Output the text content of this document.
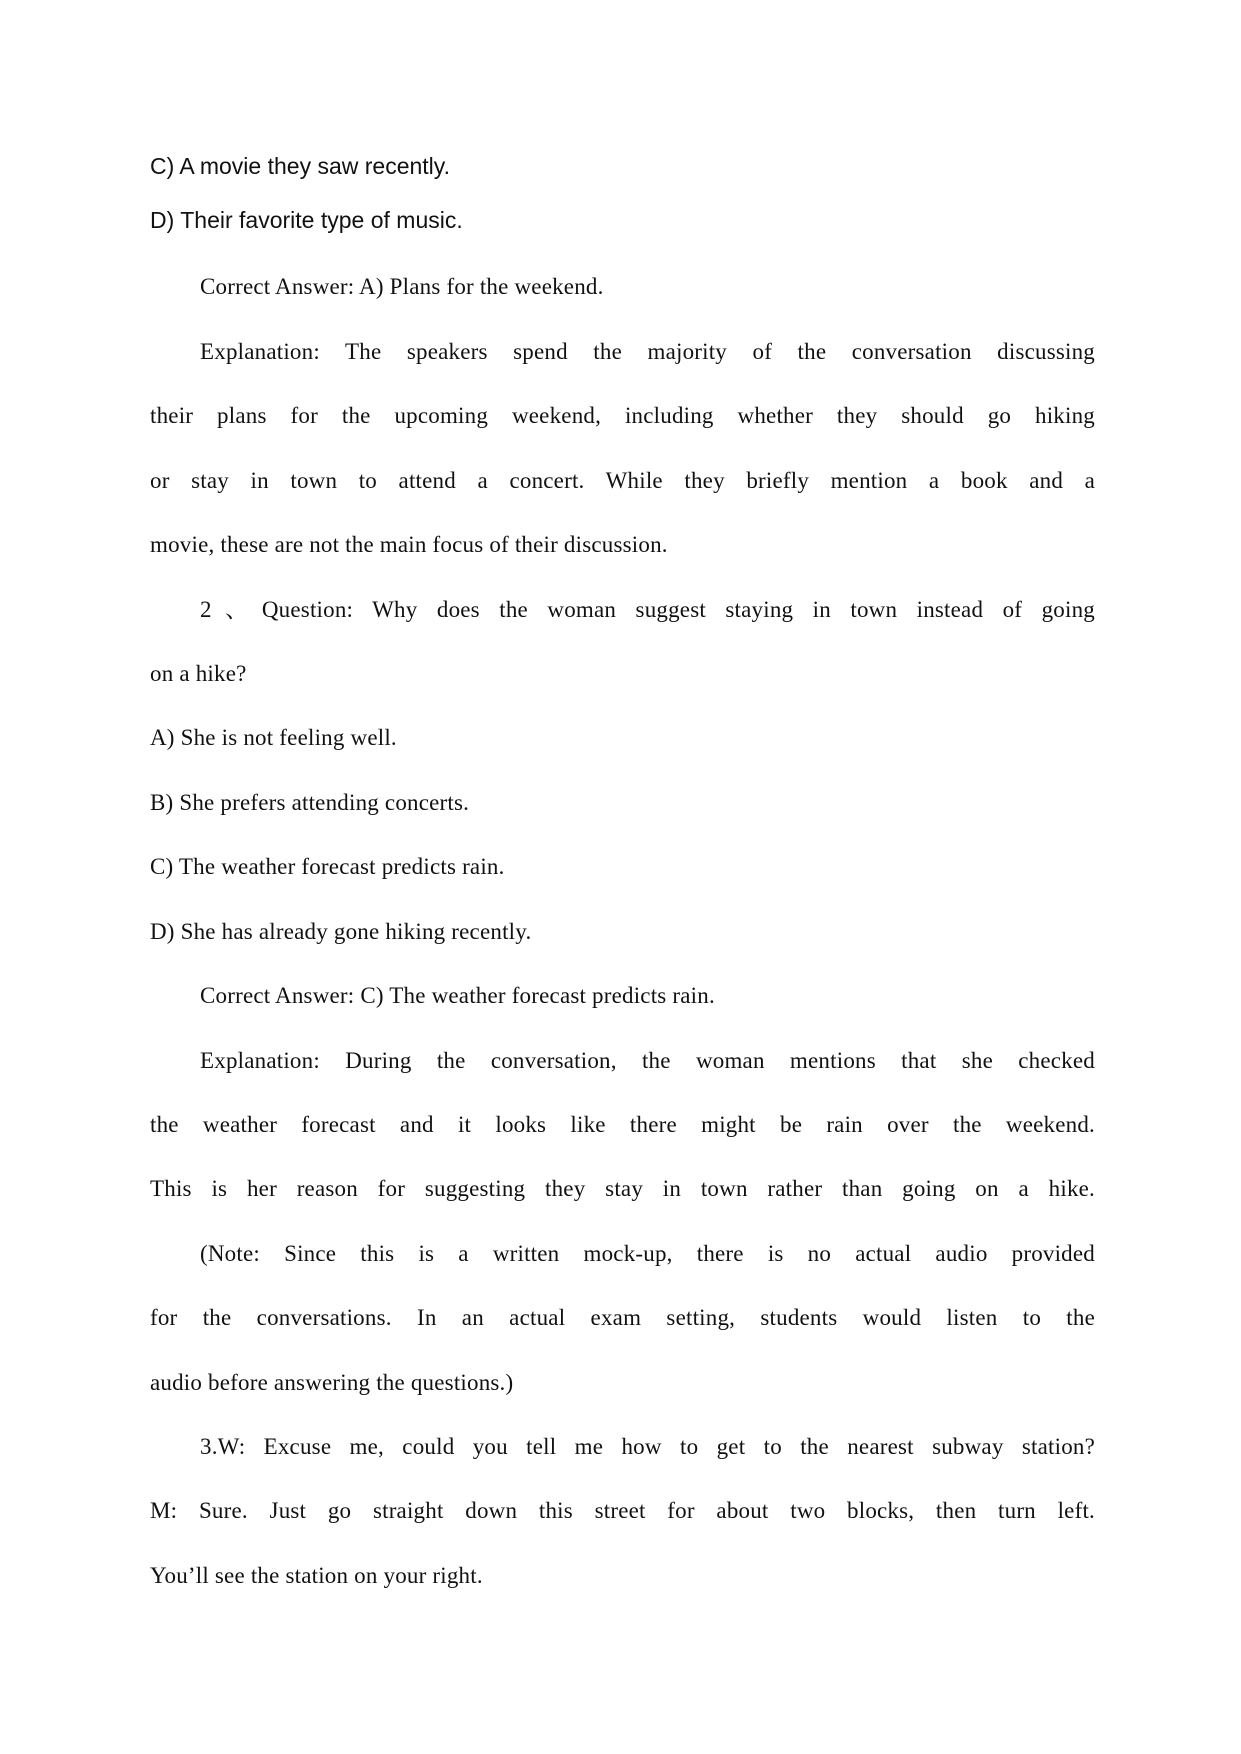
C) A movie they saw recently.

D) Their favorite type of music.

Correct Answer: A) Plans for the weekend.

Explanation: The speakers spend the majority of the conversation discussing

their plans for the upcoming weekend, including whether they should go hiking

or stay in town to attend a concert. While they briefly mention a book and a

movie, these are not the main focus of their discussion.

2、Question: Why does the woman suggest staying in town instead of going

on a hike?

A) She is not feeling well.

B) She prefers attending concerts.

C) The weather forecast predicts rain.

D) She has already gone hiking recently.

Correct Answer: C) The weather forecast predicts rain.

Explanation: During the conversation, the woman mentions that she checked

the weather forecast and it looks like there might be rain over the weekend.

This is her reason for suggesting they stay in town rather than going on a hike.

(Note: Since this is a written mock-up, there is no actual audio provided

for the conversations. In an actual exam setting, students would listen to the

audio before answering the questions.)

3.W: Excuse me, could you tell me how to get to the nearest subway station?

M: Sure. Just go straight down this street for about two blocks, then turn left.

You’ll see the station on your right.
